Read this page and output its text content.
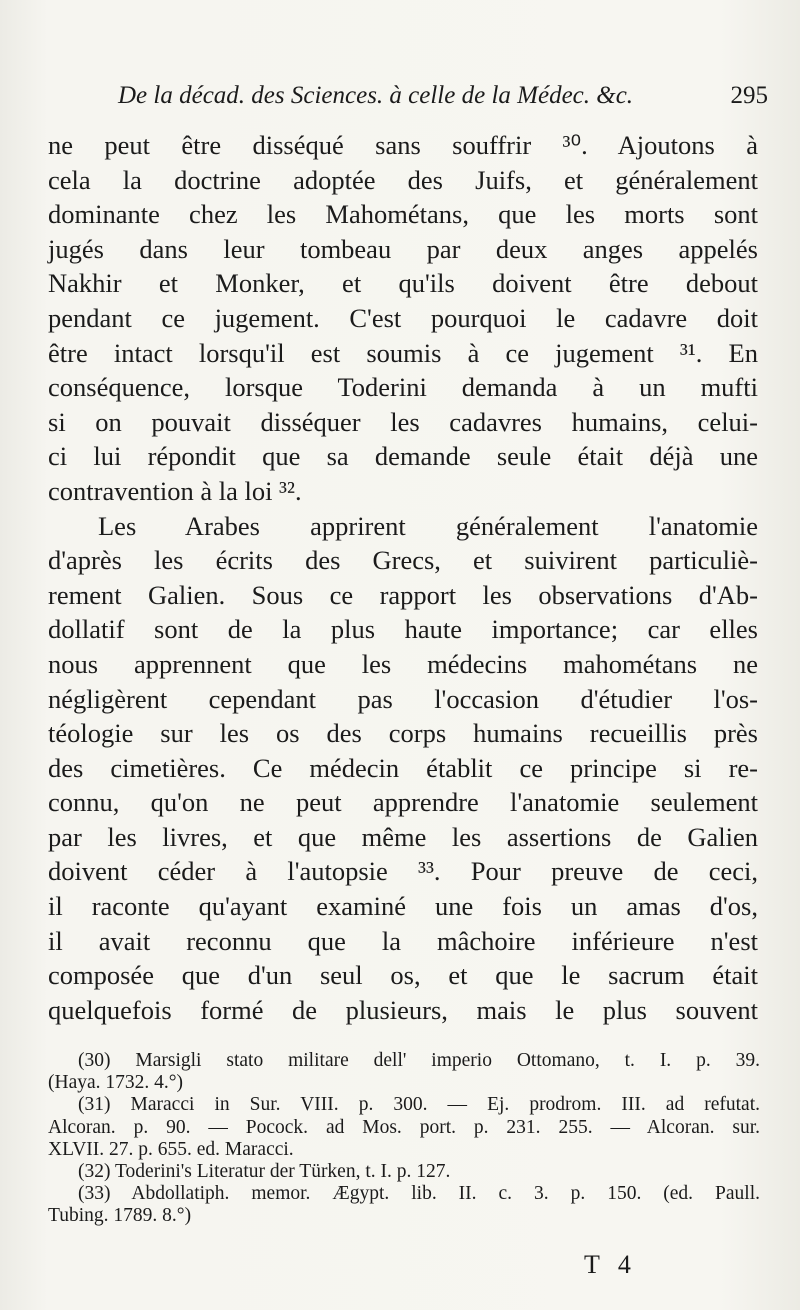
De la décad. des Sciences. à celle de la Médec. &c.	295
ne peut être disséqué sans souffrir ³⁰. Ajoutons à
cela la doctrine adoptée des Juifs, et généralement
dominante chez les Mahométans, que les morts sont
jugés dans leur tombeau par deux anges appelés
Nakhir et Monker, et qu'ils doivent être debout
pendant ce jugement. C'est pourquoi le cadavre doit
être intact lorsqu'il est soumis à ce jugement ³¹. En
conséquence, lorsque Toderini demanda à un mufti
si on pouvait disséquer les cadavres humains, celui-
ci lui répondit que sa demande seule était déjà une
contravention à la loi ³².
Les Arabes apprirent généralement l'anatomie
d'après les écrits des Grecs, et suivirent particuliè-
rement Galien. Sous ce rapport les observations d'Ab-
dollatif sont de la plus haute importance; car elles
nous apprennent que les médecins mahométans ne
négligèrent cependant pas l'occasion d'étudier l'os-
téologie sur les os des corps humains recueillis près
des cimetières. Ce médecin établit ce principe si re-
connu, qu'on ne peut apprendre l'anatomie seulement
par les livres, et que même les assertions de Galien
doivent céder à l'autopsie ³³. Pour preuve de ceci,
il raconte qu'ayant examiné une fois un amas d'os,
il avait reconnu que la mâchoire inférieure n'est
composée que d'un seul os, et que le sacrum était
quelquefois formé de plusieurs, mais le plus souvent
(30) Marsigli stato militare dell' imperio Ottomano, t. I. p. 39.
(Haya. 1732. 4.°)
(31) Maracci in Sur. VIII. p. 300. — Ej. prodrom. III. ad refutat.
Alcoran. p. 90. — Pocock. ad Mos. port. p. 231. 255. — Alcoran. sur.
XLVII. 27. p. 655. ed. Maracci.
(32) Toderini's Literatur der Türken, t. I. p. 127.
(33) Abdollatiph. memor. Ægypt. lib. II. c. 3. p. 150. (ed. Paull.
Tubing. 1789. 8.°)
T 4
